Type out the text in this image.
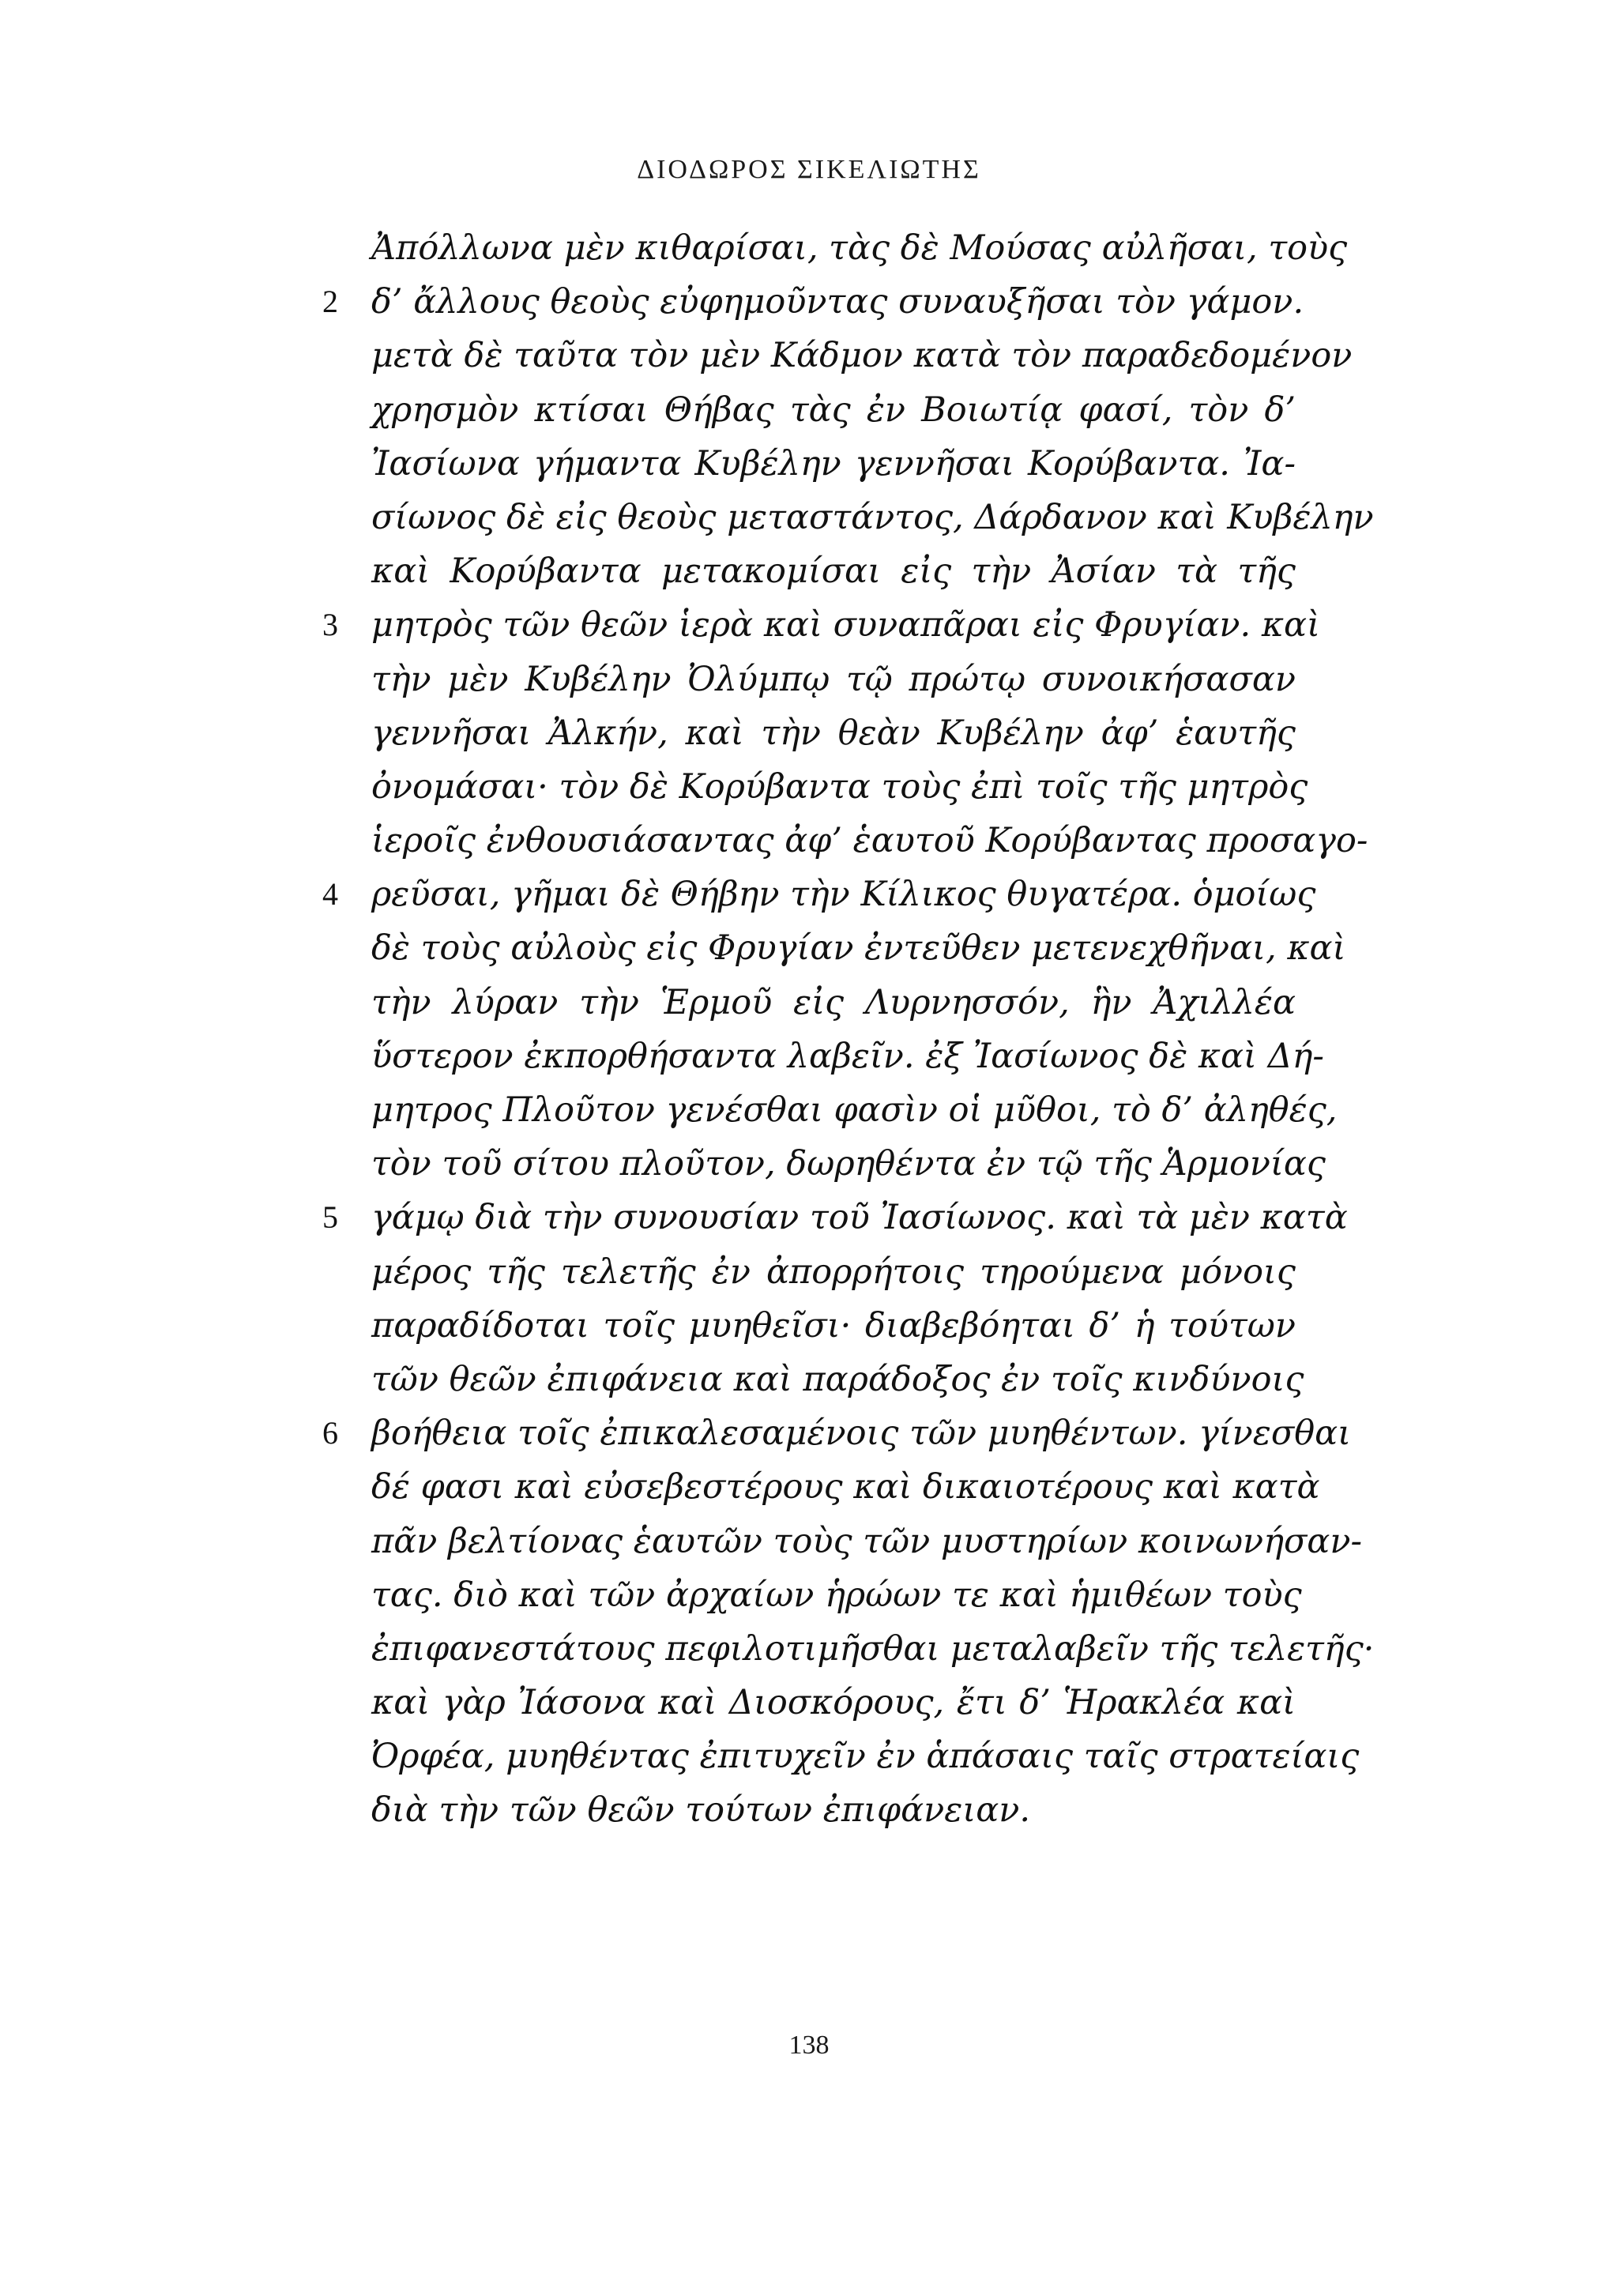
ΔΙΟΔΩΡΟΣ ΣΙΚΕΛΙΩΤΗΣ
Ἀπόλλωνα μὲν κιθαρίσαι, τὰς δὲ Μούσας αὐλῆσαι, τοὺς
2 δ’ ἄλλους θεοὺς εὐφημοῦντας συναυξῆσαι τὸν γάμον.
μετὰ δὲ ταῦτα τὸν μὲν Κάδμον κατὰ τὸν παραδεδομένον
χρησμὸν κτίσαι Θήβας τὰς ἐν Βοιωτίᾳ φασί, τὸν δ’
Ἰασίωνα γήμαντα Κυβέλην γεννῆσαι Κορύβαντα. Ἰα-
σίωνος δὲ εἰς θεοὺς μεταστάντος, Δάρδανον καὶ Κυβέλην
καὶ Κορύβαντα μετακομίσαι εἰς τὴν Ἀσίαν τὰ τῆς
3 μητρὸς τῶν θεῶν ἱερὰ καὶ συναπᾶραι εἰς Φρυγίαν. καὶ
τὴν μὲν Κυβέλην Ὀλύμπῳ τῷ πρώτῳ συνοικήσασαν
γεννῆσαι Ἀλκήν, καὶ τὴν θεὰν Κυβέλην ἀφ’ ἑαυτῆς
ὀνομάσαι· τὸν δὲ Κορύβαντα τοὺς ἐπὶ τοῖς τῆς μητρὸς
ἱεροῖς ἐνθουσιάσαντας ἀφ’ ἑαυτοῦ Κορύβαντας προσαγο-
4 ρεῦσαι, γῆμαι δὲ Θήβην τὴν Κίλικος θυγατέρα. ὁμοίως
δὲ τοὺς αὐλοὺς εἰς Φρυγίαν ἐντεῦθεν μετενεχθῆναι, καὶ
τὴν λύραν τὴν Ἑρμοῦ εἰς Λυρνησσόν, ἣν Ἀχιλλέα
ὕστερον ἐκπορθήσαντα λαβεῖν. ἐξ Ἰασίωνος δὲ καὶ Δή-
μητρος Πλοῦτον γενέσθαι φασὶν οἱ μῦθοι, τὸ δ’ ἀληθές,
τὸν τοῦ σίτου πλοῦτον, δωρηθέντα ἐν τῷ τῆς Ἁρμονίας
5 γάμῳ διὰ τὴν συνουσίαν τοῦ Ἰασίωνος. καὶ τὰ μὲν κατὰ
μέρος τῆς τελετῆς ἐν ἀπορρήτοις τηρούμενα μόνοις
παραδίδοται τοῖς μυηθεῖσι· διαβεβόηται δ’ ἡ τούτων
τῶν θεῶν ἐπιφάνεια καὶ παράδοξος ἐν τοῖς κινδύνοις
6 βοήθεια τοῖς ἐπικαλεσαμένοις τῶν μυηθέντων. γίνεσθαι
δέ φασι καὶ εὐσεβεστέρους καὶ δικαιοτέρους καὶ κατὰ
πᾶν βελτίονας ἑαυτῶν τοὺς τῶν μυστηρίων κοινωνήσαν-
τας. διὸ καὶ τῶν ἀρχαίων ἡρώων τε καὶ ἡμιθέων τοὺς
ἐπιφανεστάτους πεφιλοτιμῆσθαι μεταλαβεῖν τῆς τελετῆς·
καὶ γὰρ Ἰάσονα καὶ Διοσκόρους, ἔτι δ’ Ἡρακλέα καὶ
Ὀρφέα, μυηθέντας ἐπιτυχεῖν ἐν ἁπάσαις ταῖς στρατείαις
διὰ τὴν τῶν θεῶν τούτων ἐπιφάνειαν.
138
